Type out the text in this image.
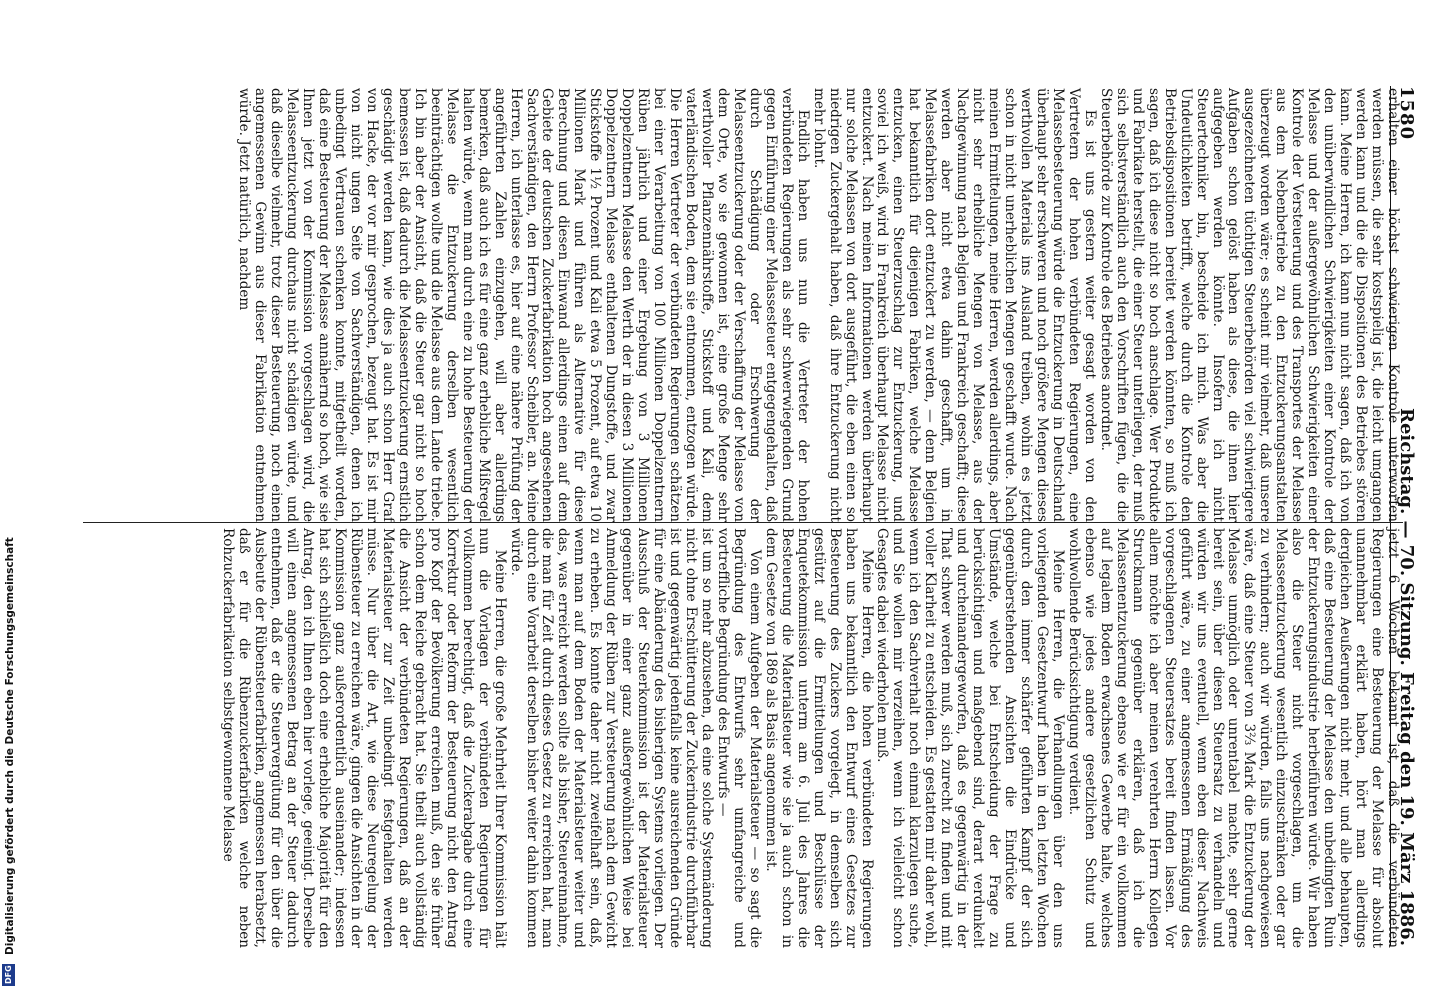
1580
Reichstag. — 70. Sitzung. Freitag den 19. März 1886.

erhalten einer höchst schwierigen Kontrole unterworfen werden müssen, die sehr kostspielig ist, die leicht umgangen werden kann und die die Dispositionen des Betriebes stören kann. Meine Herren, ich kann nun nicht sagen, daß ich von den unüberwindlichen Schwierigkeiten einer Kontrole der Melasse und der außergewöhnlichen Schwierigkeiten einer Kontrole der Versteuerung und des Transportes der Melasse aus dem Nebenbetriebe zu den Entzuckerungsanstalten überzeugt worden wäre; es scheint mir vielmehr, daß unsere ausgezeichneten tüchtigen Steuerbehörden viel schwierigere Aufgaben schon gelöst haben als diese, die ihnen hier aufgegeben werden könnte. Insofern ich nicht Steuertechniker bin, bescheide ich mich. Was aber die Undeutlichkeiten betrifft, welche durch die Kontrole den Betriebsdispositionen bereitet werden könnten, so muß ich sagen, daß ich diese nicht so hoch anschlage. Wer Produkte und Fabrikate herstellt, die einer Steuer unterliegen, der muß sich selbstverständlich auch den Vorschriften fügen, die die Steuerbehörde zur Kontrole des Betriebes anordnet.

Es ist uns gestern weiter gesagt worden von den Vertretern der hohen verbündeten Regierungen, eine Melassebesteuerung würde die Entzuckerung in Deutschland überhaupt sehr erschweren und noch größere Mengen dieses werthvollen Materials ins Ausland treiben, wohin es jetzt schon in nicht unerheblichen Mengen geschafft wurde. Nach meinen Ermittelungen, meine Herren, werden allerdings, aber nicht sehr erhebliche Mengen von Melasse, aus der Nachgewinnung nach Belgien und Frankreich geschafft; diese werden aber nicht etwa dahin geschafft, um in Melassefabriken dort entzuckert zu werden, — denn Belgien hat bekanntlich für diejenigen Fabriken, welche Melasse entzucken, einen Steuerzuschlag zur Entzuckerung, und soviel ich weiß, wird in Frankreich überhaupt Melasse nicht entzuckert. Nach meinen Informationen werden überhaupt nur solche Melassen von dort ausgeführt, die eben einen so niedrigen Zuckergehalt haben, daß ihre Entzuckerung nicht mehr lohnt.

Endlich haben uns nun die Vertreter der hohen verbündeten Regierungen als sehr schwerwiegenden Grund gegen Einführung einer Melassesteuer entgegengehalten, daß durch Schädigung oder Erschwerung der Melasseentzuckerung oder der Verschaffung der Melasse von dem Orte, wo sie gewonnen ist, eine große Menge sehr werthvoller Pflanzennährstoffe, Stickstoff und Kali, dem vaterländischen Boden, dem sie entnommen, entzogen würde. Die Herren Vertreter der verbündeten Regierungen schätzen bei einer Verarbeitung von 100 Millionen Doppelzentnern Rüben jährlich und einer Ergebung von 3 Millionen Doppelzentnern Melasse den Werth der in diesen 3 Millionen Doppelzentnern Melasse enthaltenen Dungstoffe, und zwar Stickstoffe 1½ Prozent und Kali etwa 5 Prozent, auf etwa 10 Millionen Mark und führen als Alternative für diese Berechnung und diesen Einwand allerdings einen auf dem Gebiete der deutschen Zuckerfabrikation hoch angesehenen Sachverständigen, den Herrn Professor Scheibler, an. Meine Herren, ich unterlasse es, hier auf eine nähere Prüfung der angeführten Zahlen einzugehen, will aber allerdings bemerken, daß auch ich es für eine ganz erhebliche Mißregel halten würde, wenn man durch eine zu hohe Besteuerung der Melasse die Entzuckerung derselben wesentlich beeinträchtigen wollte und die Melasse aus dem Lande triebe. Ich bin aber der Ansicht, daß die Steuer gar nicht so hoch bemessen ist, daß dadurch die Melasseentzuckerung ernstlich geschädigt werden kann, wie dies ja auch schon Herr Graf von Hacke, der vor mir gesprochen, bezeugt hat. Es ist mir von nicht ungen Seite von Sachverständigen, denen ich unbedingt Vertrauen schenken konnte, mitgetheilt worden, daß eine Besteuerung der Melasse annähernd so hoch, wie sie Ihnen jetzt von der Kommission vorgeschlagen wird, die Melasseentzuckerung durchaus nicht schädigen würde, und daß dieselbe vielmehr, trotz dieser Besteuerung, noch einen angemessenen Gewinn aus dieser Fabrikation entnehmen würde. Jetzt natürlich, nachdem

jetzt 6 Wochen bekannt ist, daß die verbündeten Regierungen eine Besteuerung der Melasse für absolut unannehmbar erklärt haben, hört man allerdings dergleichen Aeußerungen nicht mehr, und alle behaupten, daß eine Besteuerung der Melasse den unbedingten Ruin der Entzuckerungsindustrie herbeiführen würde. Wir haben also die Steuer nicht vorgeschlagen, um die Melasseentzuckerung wesentlich einzuschränken oder gar zu verhindern; auch wir würden, falls uns nachgewiesen wäre, daß eine Steuer von 3⅔ Mark die Entzuckerung der Melasse unmöglich oder unrentabel machte, sehr gerne bereit sein, über diesen Steuersatz zu verhandeln und würden wir uns eventuell, wenn eben dieser Nachweis geführt wäre, zu einer angemessenen Ermäßigung des vorgeschlagenen Steuersatzes bereit finden lassen. Vor allem möchte ich aber meinen verehrten Herrn Kollegen Struckmann gegenüber erklären, daß ich die Melassenentzuckerung ebenso wie er für ein vollkommen auf legalem Boden erwachsenes Gewerbe halte, welches ebenso wie jedes andere gesetzlichen Schutz und wohlwollende Berücksichtigung verdient.

Meine Herren, die Verhandlungen über den uns vorliegenden Gesetzentwurf haben in den letzten Wochen durch den immer schärfer geführten Kampf der sich gegenüberstehenden Ansichten die Eindrücke und Umstände, welche bei Entscheidung der Frage zu berücksichtigen und maßgebend sind, derart verdunkelt und durcheinandergeworfen, daß es gegenwärtig in der That schwer werden muß, sich zurecht zu finden und mit voller Klarheit zu entscheiden. Es gestatten mir daher wohl, wenn ich den Sachverhalt noch einmal klarzulegen suche, und Sie wollen mir verzeihen, wenn ich vielleicht schon Gesagtes dabei wiederholen muß.

Meine Herren, die hohen verbündeten Regierungen haben uns bekanntlich den Entwurf eines Gesetzes zur Besteuerung des Zuckers vorgelegt, in demselben sich gestützt auf die Ermittelungen und Beschlüsse der Enquetekommission unterm am 6. Juli des Jahres die Besteuerung die Materialsteuer wie sie ja auch schon in dem Gesetze von 1869 als Basis angenommen ist.

Von einem Aufgeben der Materialsteuer — so sagt die Begründung des Entwurfs sehr umfangreiche und vortreffliche Begründung des Entwurfs —

ist um so mehr abzusehen, da eine solche Systemänderung nicht ohne Erschütterung der Zuckerindustrie durchführbar ist und gegenwärtig jedenfalls keine ausreichenden Gründe für eine Abänderung des bisherigen Systems vorliegen. Der Ausschuß der Steuerkommission ist der Materialsteuer gegenüber in einer ganz außergewöhnlichen Weise bei Anmeldung der Rüben zur Versteuerung nach dem Gewicht zu erheben. Es konnte daher nicht zweifelhaft sein, daß, wenn man auf dem Boden der Materialsteuer weiter und das, was erreicht werden sollte als bisher, Steuereinnahme, die man für Zeit durch dieses Gesetz zu erreichen hat, man durch eine Vorarbeit derselben bisher weiter dahin kommen würde.

Meine Herren, die große Mehrheit Ihrer Kommission hält nun die Vorlagen der verbündeten Regierungen für vollkommen berechtigt, daß die Zuckerabgabe durch eine Korrektur oder Reform der Besteuerung nicht den Antrag pro Kopf der Bevölkerung erreichen muß, den sie früher schon dem Reiche gebracht hat. Sie theilt auch vollständig die Ansicht der verbündeten Regierungen, daß an der Materialsteuer zur Zeit unbedingt festgehalten werden müsse. Nur über die Art, wie diese Neuregelung der Rübensteuer zu erreichen wäre, gingen die Ansichten in der Kommission ganz außerordentlich auseinander; indessen hat sich schließlich doch eine erhebliche Majorität für den Antrag, den ich Ihnen eben hier vorlege, geeinigt. Derselbe will einen angemessenen Betrag an der Steuer dadurch entnehmen, daß er die Steuervergütung für den über die Ausbeute der Rübensteuerfabriken, angemessen herabsetzt, daß er für die Rübenzuckerfabriken welche neben Rohzuckerfabrikation selbstgewonnene Melasse

Digitalisierung gefördert durch die Deutsche Forschungsgemeinschaft
DFG
